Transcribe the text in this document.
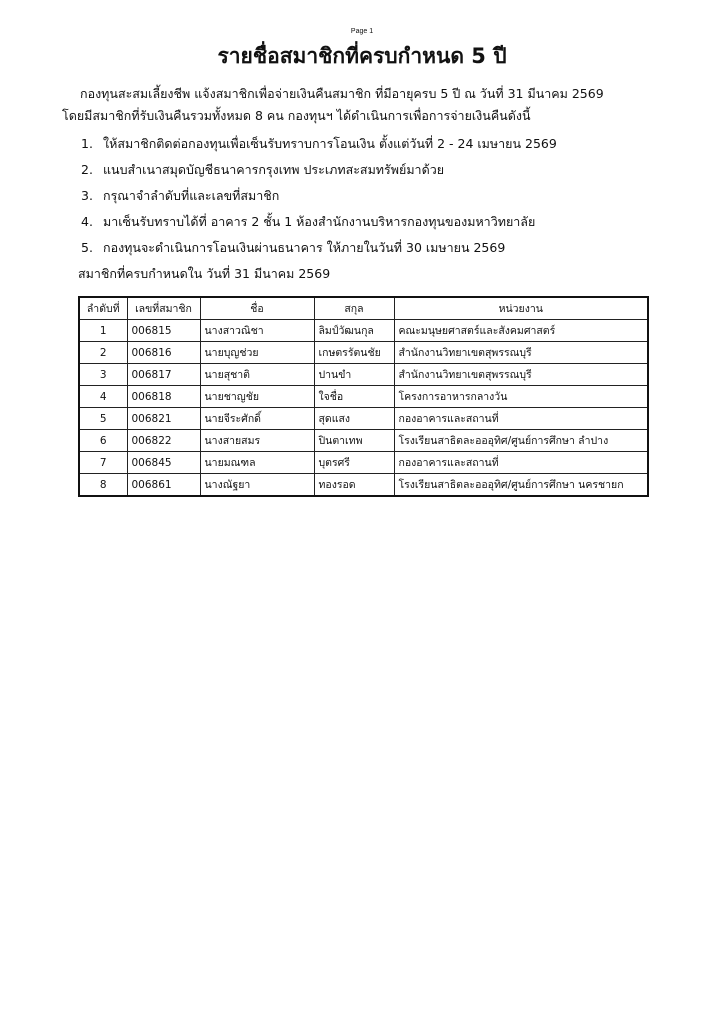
Page 1
รายชื่อสมาชิกที่ครบกำหนด 5 ปี
กองทุนสะสมเลี้ยงชีพ แจ้งสมาชิกเพื่อจ่ายเงินคืนสมาชิก ที่มีอายุครบ 5 ปี ณ วันที่ 31 มีนาคม 2569
โดยมีสมาชิกที่รับเงินคืนรวมทั้งหมด 8 คน กองทุนฯ ได้ดำเนินการเพื่อการจ่ายเงินคืนดังนี้
1. ให้สมาชิกติดต่อกองทุนเพื่อเซ็นรับทราบการโอนเงิน ตั้งแต่วันที่ 2 - 24 เมษายน 2569
2. แนบสำเนาสมุดบัญชีธนาคารกรุงเทพ ประเภทสะสมทรัพย์มาด้วย
3. กรุณาจำลำดับที่และเลขที่สมาชิก
4. มาเซ็นรับทราบได้ที่ อาคาร 2 ชั้น 1 ห้องสำนักงานบริหารกองทุนของมหาวิทยาลัย
5. กองทุนจะดำเนินการโอนเงินผ่านธนาคาร ให้ภายในวันที่ 30 เมษายน 2569
สมาชิกที่ครบกำหนดใน วันที่ 31 มีนาคม 2569
ลำดับที่	เลขที่สมาชิก	ชื่อ	สกุล	หน่วยงาน
1	006815	นางสาวณิชา	ลิมป์วัฒนกุล	คณะมนุษยศาสตร์และสังคมศาสตร์
2	006816	นายบุญช่วย	เกษตรรัตนชัย	สำนักงานวิทยาเขตสุพรรณบุรี
3	006817	นายสุชาติ	ปานขำ	สำนักงานวิทยาเขตสุพรรณบุรี
4	006818	นายชาญชัย	ใจชื่อ	โครงการอาหารกลางวัน
5	006821	นายจีระศักดิ์	สุดแสง	กองอาคารและสถานที่
6	006822	นางสายสมร	ปินตาเทพ	โรงเรียนสาธิตละอออุทิศ/ศูนย์การศึกษา ลำปาง
7	006845	นายมณฑล	บุตรศรี	กองอาคารและสถานที่
8	006861	นางณัฐยา	ทองรอด	โรงเรียนสาธิตละอออุทิศ/ศูนย์การศึกษา นครชายก
